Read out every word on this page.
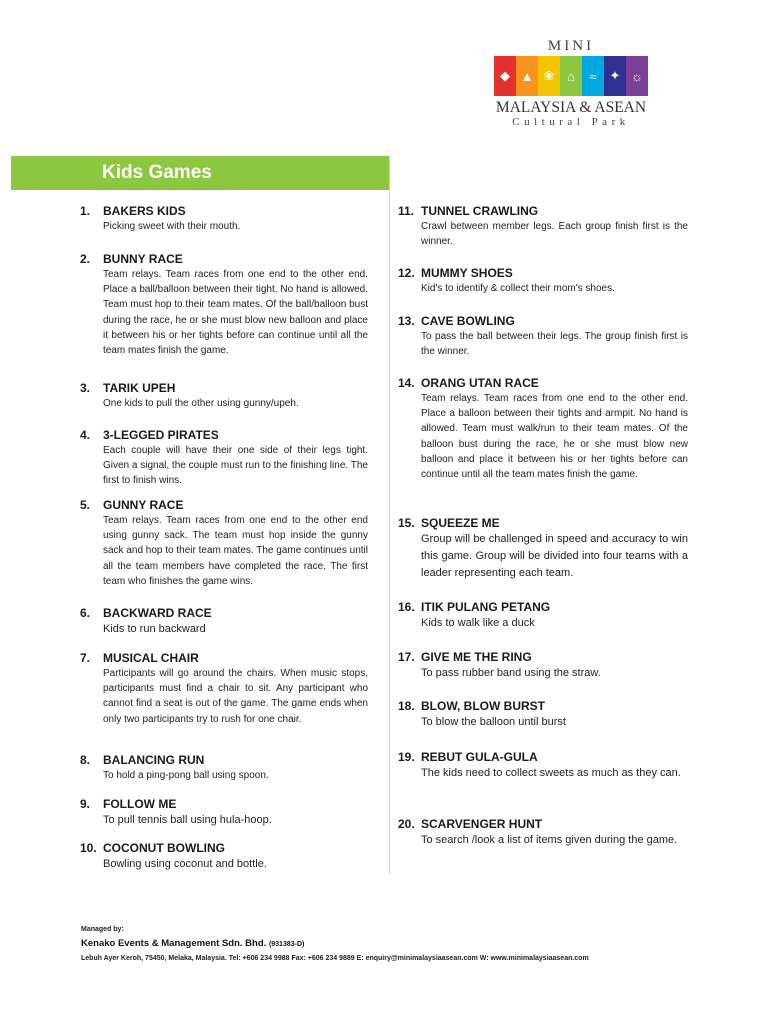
MINI
◆ ▲ ❀ ⌂	≈ ✦ ☼
MALAYSIA & ASEAN
Cultural Park
Kids Games
1. BAKERS KIDS
Picking sweet with their mouth.
2. BUNNY RACE
Team relays. Team races from one end to the other end. Place a ball/balloon between their tight. No hand is allowed. Team must hop to their team mates. Of the ball/balloon bust during the race, he or she must blow new balloon and place it between his or her tights before can continue until all the team mates finish the game.
3. TARIK UPEH
One kids to pull the other using gunny/upeh.
4. 3-LEGGED PIRATES
Each couple will have their one side of their legs tight. Given a signal, the couple must run to the finishing line. The first to finish wins.
5. GUNNY RACE
Team relays. Team races from one end to the other end using gunny sack. The team must hop inside the gunny sack and hop to their team mates. The game continues until all the team members have completed the race. The first team who finishes the game wins.
6. BACKWARD RACE
Kids to run backward
7. MUSICAL CHAIR
Participants will go around the chairs. When music stops, participants must find a chair to sit. Any participant who cannot find a seat is out of the game. The game ends when only two participants try to rush for one chair.
8. BALANCING RUN
To hold a ping-pong ball using spoon.
9. FOLLOW ME
To pull tennis ball using hula-hoop.
10. COCONUT BOWLING
Bowling using coconut and bottle.
11. TUNNEL CRAWLING
Crawl between member legs. Each group finish first is the winner.
12. MUMMY SHOES
Kid's to identify & collect their mom's shoes.
13. CAVE BOWLING
To pass the ball between their legs. The group finish first is the winner.
14. ORANG UTAN RACE
Team relays. Team races from one end to the other end. Place a balloon between their tights and armpit. No hand is allowed. Team must walk/run to their team mates. Of the balloon bust during the race, he or she must blow new balloon and place it between his or her tights before can continue until all the team mates finish the game.
15. SQUEEZE ME
Group will be challenged in speed and accuracy to win this game. Group will be divided into four teams with a leader representing each team.
16. ITIK PULANG PETANG
Kids to walk like a duck
17. GIVE ME THE RING
To pass rubber band using the straw.
18. BLOW, BLOW BURST
To blow the balloon until burst
19. REBUT GULA-GULA
The kids need to collect sweets as much as they can.
20. SCARVENGER HUNT
To search /look a list of items given during the game.
Managed by:
Kenako Events & Management Sdn. Bhd. (931383-D)
Lebuh Ayer Keroh, 75450, Melaka, Malaysia. Tel: +606 234 9988 Fax: +606 234 9889 E: enquiry@minimalaysiaasean.com W: www.minimalaysiaasean.com
